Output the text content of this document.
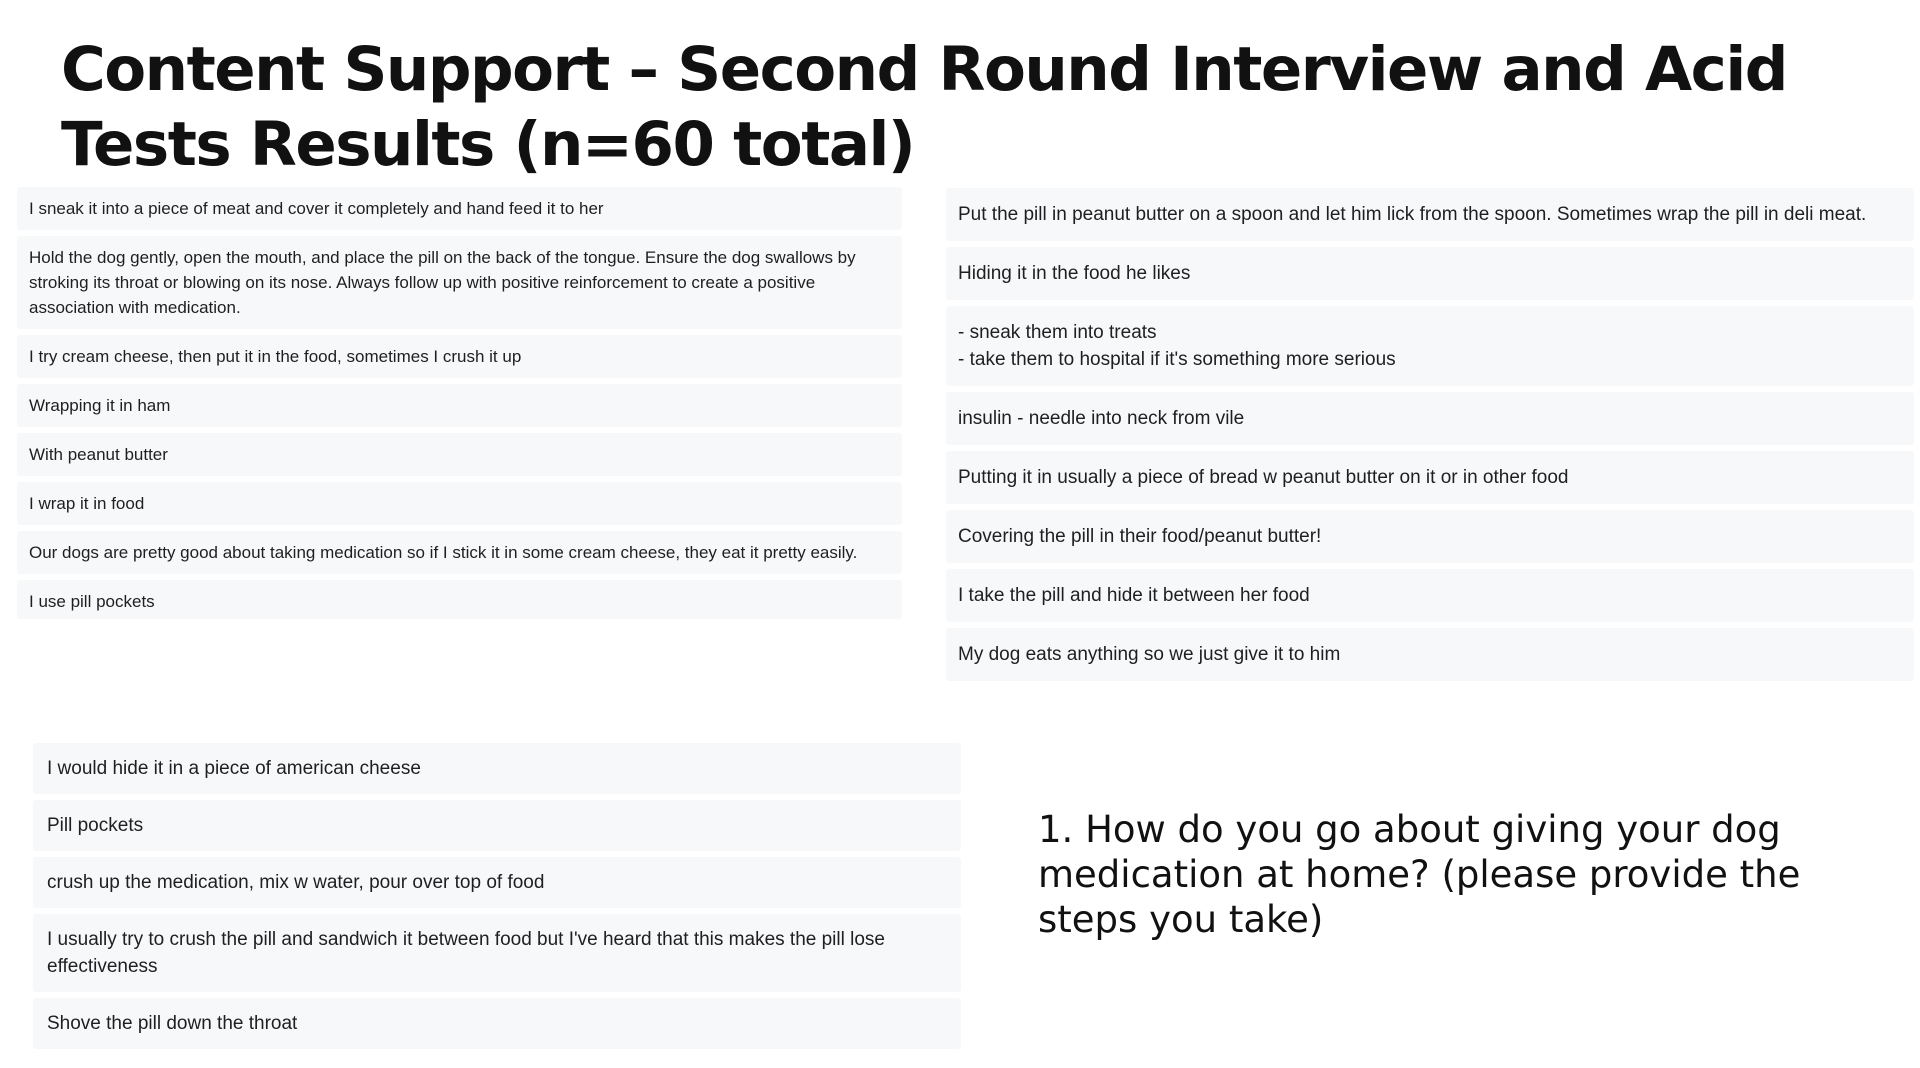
Content Support – Second Round Interview and Acid Tests Results (n=60 total)
I sneak it into a piece of meat and cover it completely and hand feed it to her
Hold the dog gently, open the mouth, and place the pill on the back of the tongue. Ensure the dog swallows by stroking its throat or blowing on its nose. Always follow up with positive reinforcement to create a positive association with medication.
I try cream cheese, then put it in the food, sometimes I crush it up
Wrapping it in ham
With peanut butter
I wrap it in food
Our dogs are pretty good about taking medication so if I stick it in some cream cheese, they eat it pretty easily.
I use pill pockets
Put the pill in peanut butter on a spoon and let him lick from the spoon. Sometimes wrap the pill in deli meat.
Hiding it in the food he likes
- sneak them into treats
- take them to hospital if it's something more serious
insulin - needle into neck from vile
Putting it in usually a piece of bread w peanut butter on it or in other food
Covering the pill in their food/peanut butter!
I take the pill and hide it between her food
My dog eats anything so we just give it to him
I would hide it in a piece of american cheese
Pill pockets
crush up the medication, mix w water, pour over top of food
I usually try to crush the pill and sandwich it between food but I've heard that this makes the pill lose effectiveness
Shove the pill down the throat

1. How do you go about giving your dog medication at home? (please provide the steps you take)
